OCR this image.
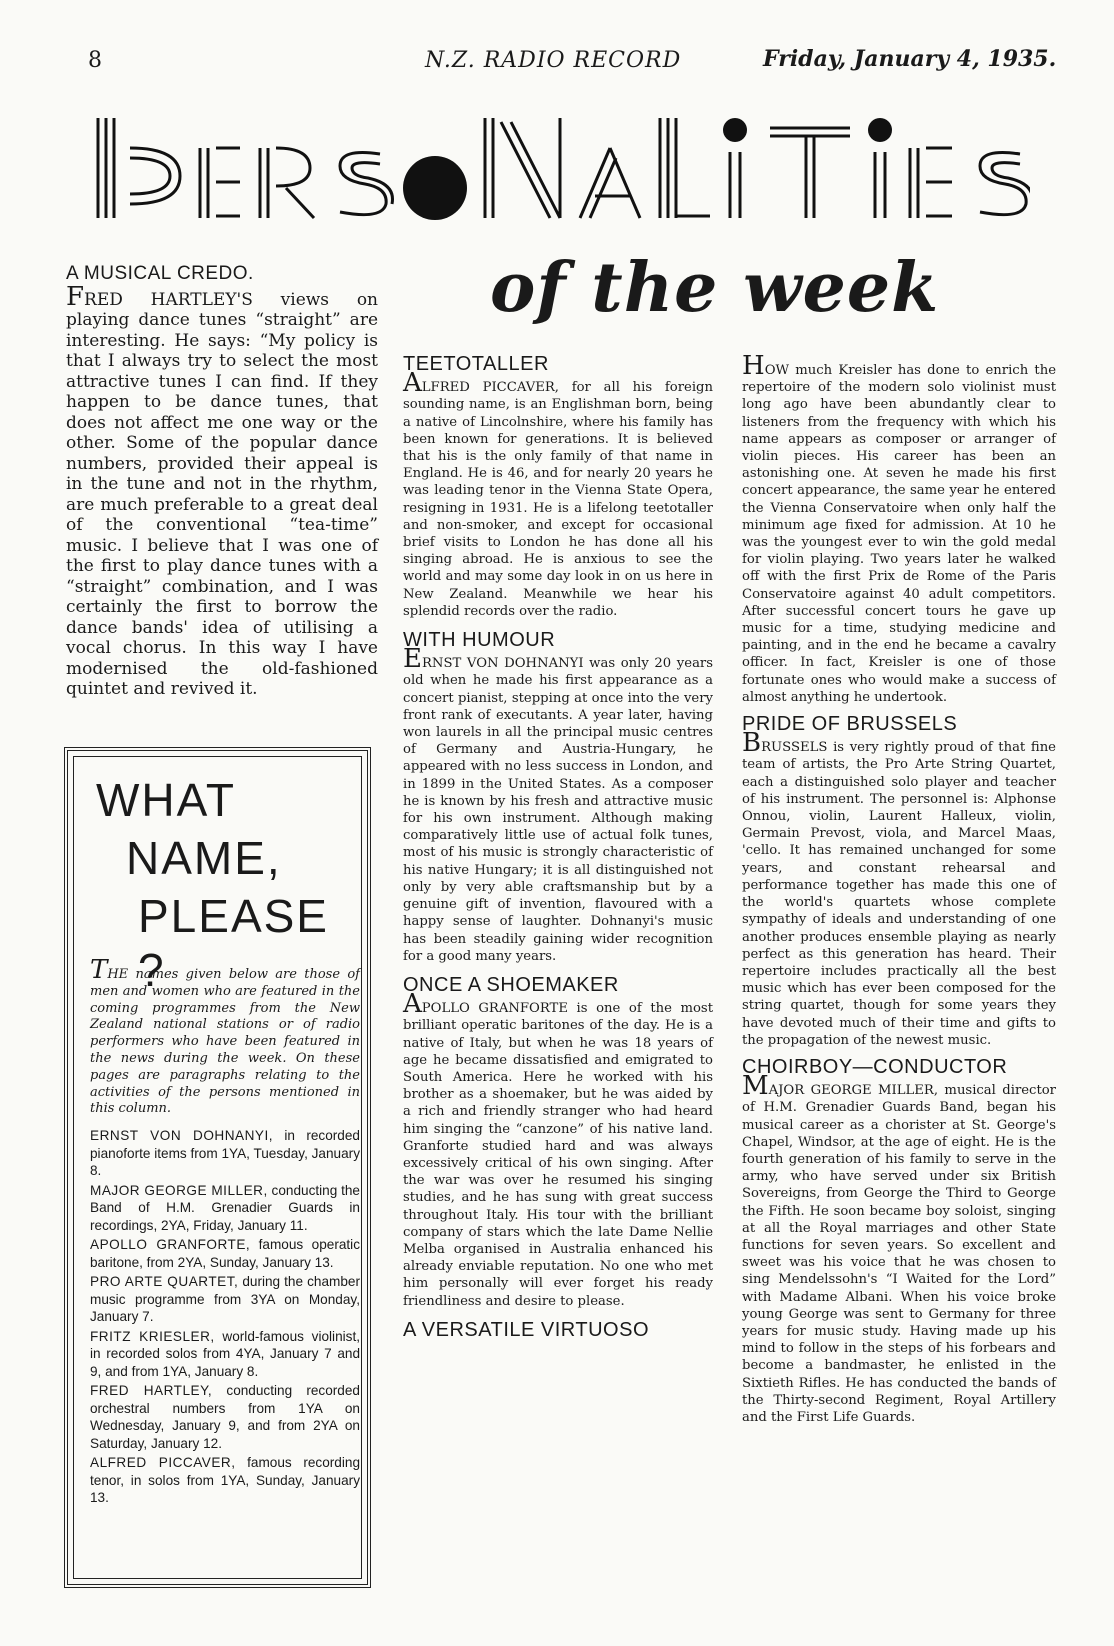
8	N.Z. RADIO RECORD	Friday, January 4, 1935.
of the week
A MUSICAL CREDO.

FRED HARTLEY'S views on playing dance tunes “straight” are interesting. He says: “My policy is that I always try to select the most attractive tunes I can find. If they happen to be dance tunes, that does not affect me one way or the other. Some of the popular dance numbers, provided their appeal is in the tune and not in the rhythm, are much preferable to a great deal of the conventional “tea-time” music. I believe that I was one of the first to play dance tunes with a “straight” combination, and I was certainly the first to borrow the dance bands' idea of utilising a vocal chorus. In this way I have modernised the old-fashioned quintet and revived it.

WHAT
NAME,
PLEASE ?

THE names given below are those of men and women who are featured in the coming programmes from the New Zealand national stations or of radio performers who have been featured in the news during the week. On these pages are paragraphs relating to the activities of the persons mentioned in this column.

ERNST VON DOHNANYI, in recorded pianoforte items from 1YA, Tuesday, January 8.

MAJOR GEORGE MILLER, conducting the Band of H.M. Grenadier Guards in recordings, 2YA, Friday, January 11.

APOLLO GRANFORTE, famous operatic baritone, from 2YA, Sunday, January 13.

PRO ARTE QUARTET, during the chamber music programme from 3YA on Monday, January 7.

FRITZ KRIESLER, world-famous violinist, in recorded solos from 4YA, January 7 and 9, and from 1YA, January 8.

FRED HARTLEY, conducting recorded orchestral numbers from 1YA on Wednesday, January 9, and from 2YA on Saturday, January 12.

ALFRED PICCAVER, famous recording tenor, in solos from 1YA, Sunday, January 13.

TEETOTALLER

ALFRED PICCAVER, for all his foreign sounding name, is an Englishman born, being a native of Lincolnshire, where his family has been known for generations. It is believed that his is the only family of that name in England. He is 46, and for nearly 20 years he was leading tenor in the Vienna State Opera, resigning in 1931. He is a lifelong teetotaller and non-smoker, and except for occasional brief visits to London he has done all his singing abroad. He is anxious to see the world and may some day look in on us here in New Zealand. Meanwhile we hear his splendid records over the radio.

WITH HUMOUR

ERNST VON DOHNANYI was only 20 years old when he made his first appearance as a concert pianist, stepping at once into the very front rank of executants. A year later, having won laurels in all the principal music centres of Germany and Austria-Hungary, he appeared with no less success in London, and in 1899 in the United States. As a composer he is known by his fresh and attractive music for his own instrument. Although making comparatively little use of actual folk tunes, most of his music is strongly characteristic of his native Hungary; it is all distinguished not only by very able craftsmanship but by a genuine gift of invention, flavoured with a happy sense of laughter. Dohnanyi's music has been steadily gaining wider recognition for a good many years.

ONCE A SHOEMAKER

APOLLO GRANFORTE is one of the most brilliant operatic baritones of the day. He is a native of Italy, but when he was 18 years of age he became dissatisfied and emigrated to South America. Here he worked with his brother as a shoemaker, but he was aided by a rich and friendly stranger who had heard him singing the “canzone” of his native land. Granforte studied hard and was always excessively critical of his own singing. After the war was over he resumed his singing studies, and he has sung with great success throughout Italy. His tour with the brilliant company of stars which the late Dame Nellie Melba organised in Australia enhanced his already enviable reputation. No one who met him personally will ever forget his ready friendliness and desire to please.

A VERSATILE VIRTUOSO

HOW much Kreisler has done to enrich the repertoire of the modern solo violinist must long ago have been abundantly clear to listeners from the frequency with which his name appears as composer or arranger of violin pieces. His career has been an astonishing one. At seven he made his first concert appearance, the same year he entered the Vienna Conservatoire when only half the minimum age fixed for admission. At 10 he was the youngest ever to win the gold medal for violin playing. Two years later he walked off with the first Prix de Rome of the Paris Conservatoire against 40 adult competitors. After successful concert tours he gave up music for a time, studying medicine and painting, and in the end he became a cavalry officer. In fact, Kreisler is one of those fortunate ones who would make a success of almost anything he undertook.

PRIDE OF BRUSSELS

BRUSSELS is very rightly proud of that fine team of artists, the Pro Arte String Quartet, each a distinguished solo player and teacher of his instrument. The personnel is: Alphonse Onnou, violin, Laurent Halleux, violin, Germain Prevost, viola, and Marcel Maas, 'cello. It has remained unchanged for some years, and constant rehearsal and performance together has made this one of the world's quartets whose complete sympathy of ideals and understanding of one another produces ensemble playing as nearly perfect as this generation has heard. Their repertoire includes practically all the best music which has ever been composed for the string quartet, though for some years they have devoted much of their time and gifts to the propagation of the newest music.

CHOIRBOY—CONDUCTOR

MAJOR GEORGE MILLER, musical director of H.M. Grenadier Guards Band, began his musical career as a chorister at St. George's Chapel, Windsor, at the age of eight. He is the fourth generation of his family to serve in the army, who have served under six British Sovereigns, from George the Third to George the Fifth. He soon became boy soloist, singing at all the Royal marriages and other State functions for seven years. So excellent and sweet was his voice that he was chosen to sing Mendelssohn's “I Waited for the Lord” with Madame Albani. When his voice broke young George was sent to Germany for three years for music study. Having made up his mind to follow in the steps of his forbears and become a bandmaster, he enlisted in the Sixtieth Rifles. He has conducted the bands of the Thirty-second Regiment, Royal Artillery and the First Life Guards.
